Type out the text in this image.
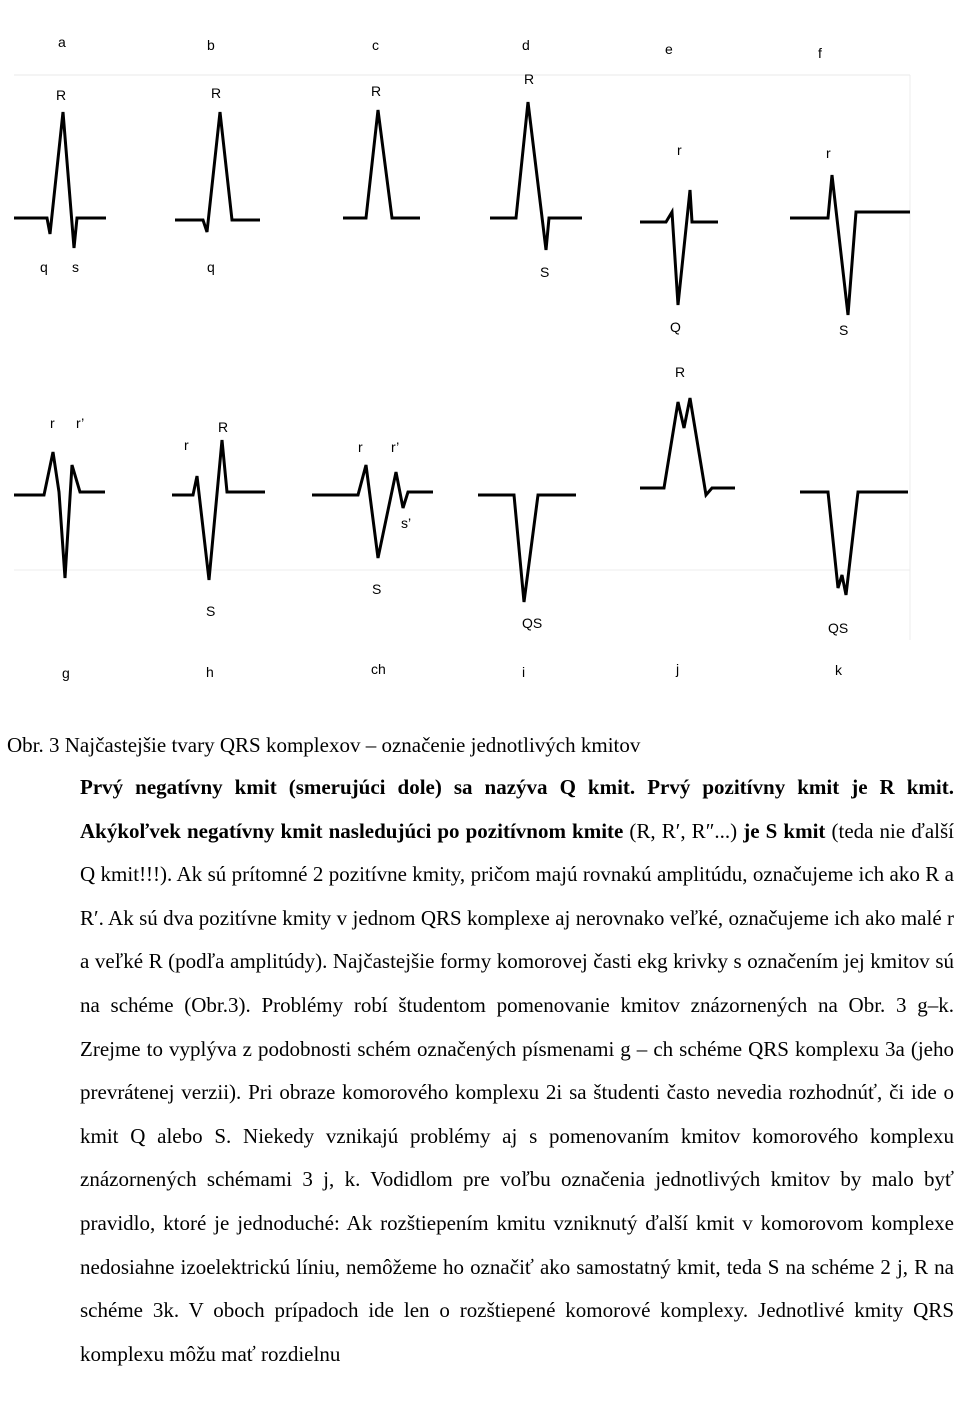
a	b	c	d	e	f
R
q s
R
q
R
R
S
r
Q
r
S
r r’
r
R
S
r r’
S
s’
QS
R
QS
g	h	ch	i	j	k
Obr. 3 Najčastejšie tvary QRS komplexov – označenie jednotlivých kmitov

Prvý negatívny kmit (smerujúci dole) sa nazýva Q kmit. Prvý pozitívny kmit je R kmit. Akýkoľvek negatívny kmit nasledujúci po pozitívnom kmite (R, R′, R″...) je S kmit (teda nie ďalší Q kmit!!!). Ak sú prítomné 2 pozitívne kmity, pričom majú rovnakú amplitúdu, označujeme ich ako R a R′. Ak sú dva pozitívne kmity v jednom QRS komplexe aj nerovnako veľké, označujeme ich ako malé r a veľké R (podľa amplitúdy). Najčastejšie formy komorovej časti ekg krivky s označením jej kmitov sú na schéme (Obr.3). Problémy robí študentom pomenovanie kmitov znázornených na Obr. 3 g–k. Zrejme to vyplýva z podobnosti schém označených písmenami g – ch schéme QRS komplexu 3a (jeho prevrátenej verzii). Pri obraze komorového komplexu 2i sa študenti často nevedia rozhodnúť, či ide o kmit Q alebo S. Niekedy vznikajú problémy aj s pomenovaním kmitov komorového komplexu znázornených schémami 3 j, k. Vodidlom pre voľbu označenia jednotlivých kmitov by malo byť pravidlo, ktoré je jednoduché: Ak rozštiepením kmitu vzniknutý ďalší kmit v komorovom komplexe nedosiahne izoelektrickú líniu, nemôžeme ho označiť ako samostatný kmit, teda S na schéme 2 j, R na schéme 3k. V oboch prípadoch ide len o rozštiepené komorové komplexy. Jednotlivé kmity QRS komplexu môžu mať rozdielnu
